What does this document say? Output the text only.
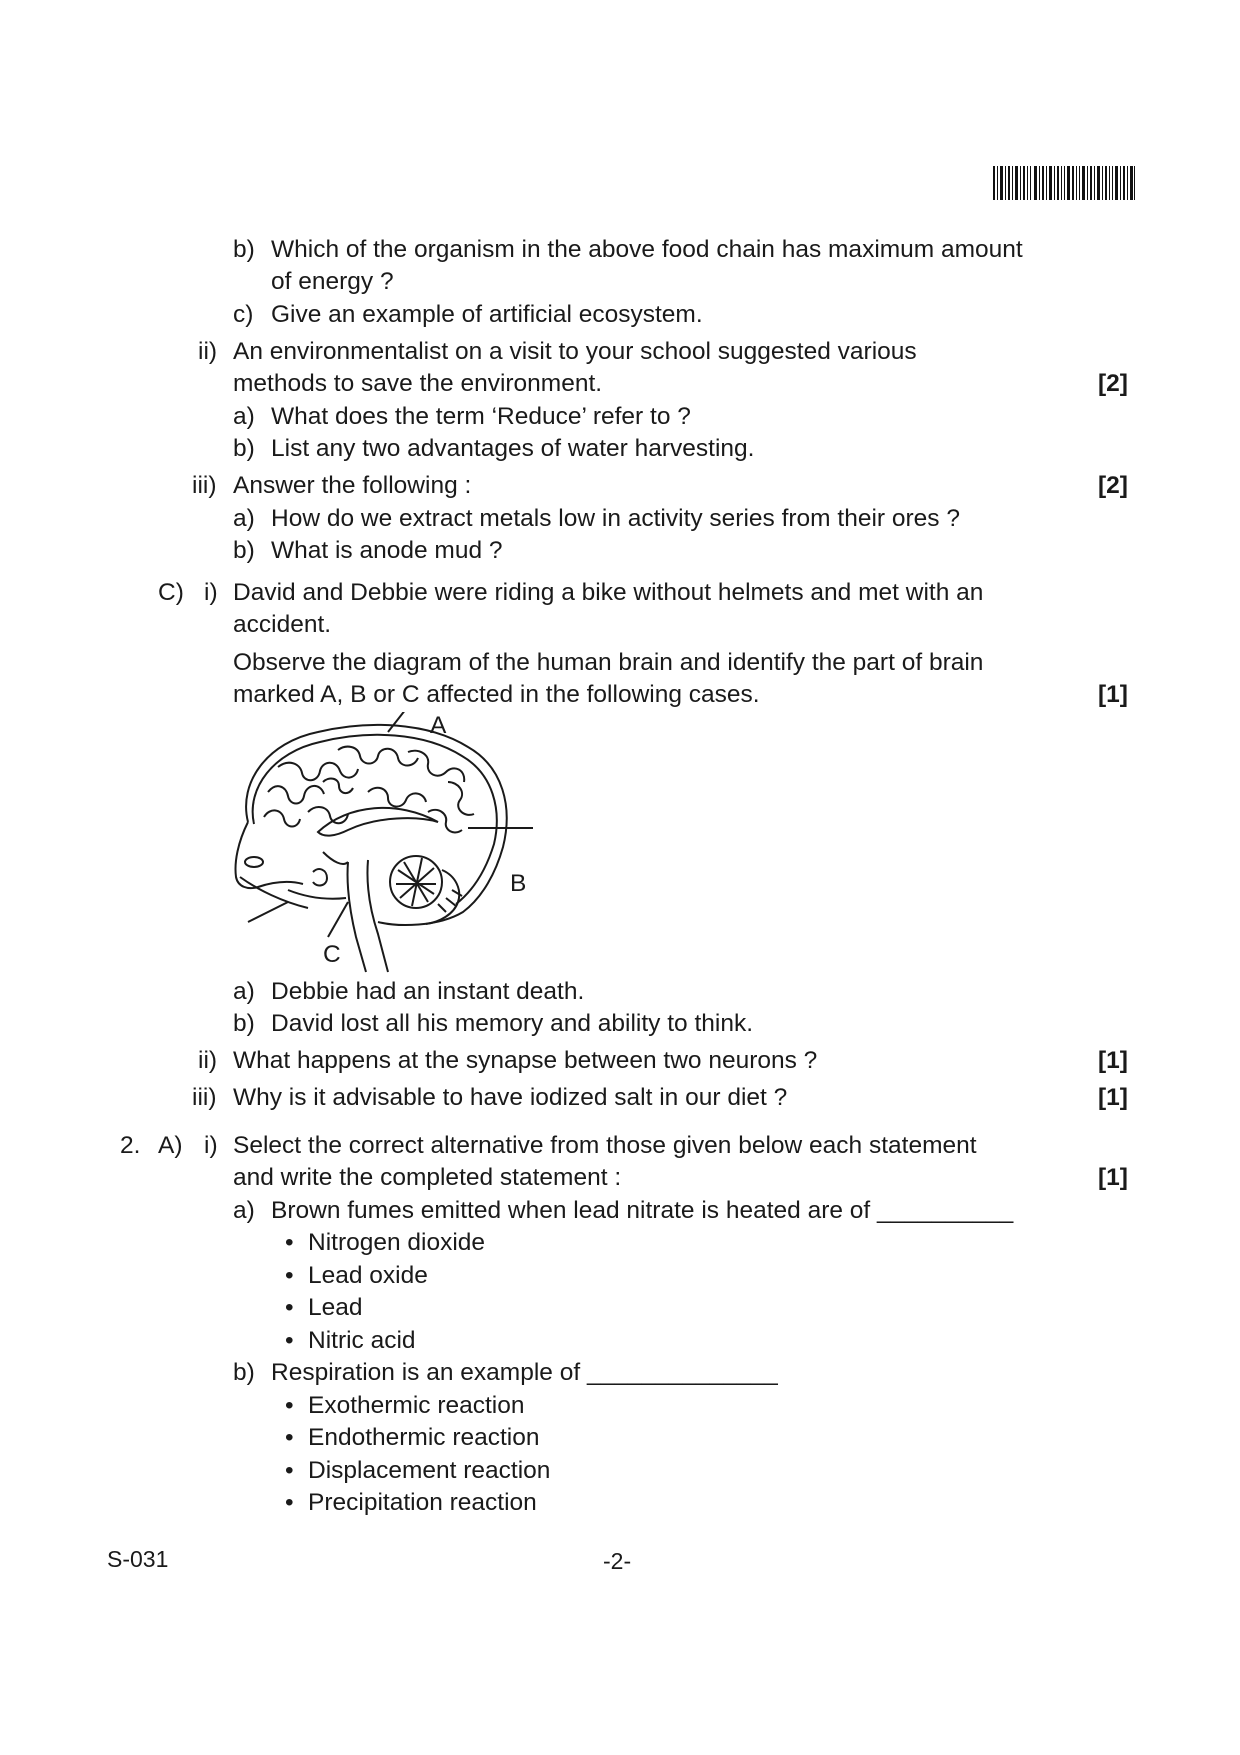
b) Which of the organism in the above food chain has maximum amount
of energy ?
c) Give an example of artificial ecosystem.
ii) An environmentalist on a visit to your school suggested various
methods to save the environment.	[2]
a) What does the term ‘Reduce’ refer to ?
b) List any two advantages of water harvesting.
iii) Answer the following :	[2]
a) How do we extract metals low in activity series from their ores ?
b) What is anode mud ?
C) i) David and Debbie were riding a bike without helmets and met with an
accident.
Observe the diagram of the human brain and identify the part of brain
marked A, B or C affected in the following cases.	[1]
A
B
C
a) Debbie had an instant death.
b) David lost all his memory and ability to think.
ii) What happens at the synapse between two neurons ?	[1]
iii) Why is it advisable to have iodized salt in our diet ?	[1]
2. A) i) Select the correct alternative from those given below each statement
and write the completed statement :	[1]
a) Brown fumes emitted when lead nitrate is heated are of __________
• Nitrogen dioxide
• Lead oxide
• Lead
• Nitric acid
b) Respiration is an example of ______________
• Exothermic reaction
• Endothermic reaction
• Displacement reaction
• Precipitation reaction
S-031	-2-
